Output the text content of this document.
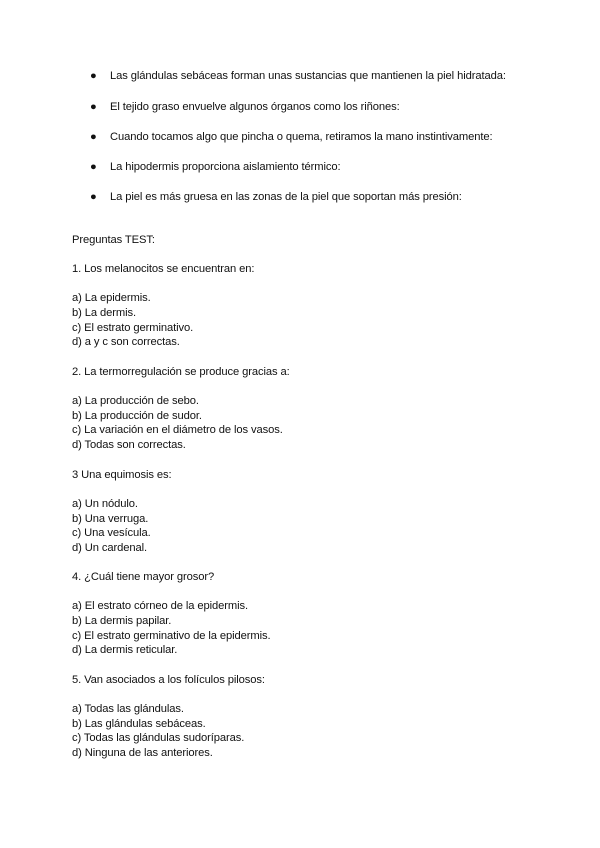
● Las glándulas sebáceas forman unas sustancias que mantienen la piel hidratada:
● El tejido graso envuelve algunos órganos como los riñones:
● Cuando tocamos algo que pincha o quema, retiramos la mano instintivamente:
● La hipodermis proporciona aislamiento térmico:
● La piel es más gruesa en las zonas de la piel que soportan más presión:
Preguntas TEST:
1. Los melanocitos se encuentran en:
a) La epidermis.
b) La dermis.
c) El estrato germinativo.
d) a y c son correctas.
2. La termorregulación se produce gracias a:
a) La producción de sebo.
b) La producción de sudor.
c) La variación en el diámetro de los vasos.
d) Todas son correctas.
3 Una equimosis es:
a) Un nódulo.
b) Una verruga.
c) Una vesícula.
d) Un cardenal.
4. ¿Cuál tiene mayor grosor?
a) El estrato córneo de la epidermis.
b) La dermis papilar.
c) El estrato germinativo de la epidermis.
d) La dermis reticular.
5. Van asociados a los folículos pilosos:
a) Todas las glándulas.
b) Las glándulas sebáceas.
c) Todas las glándulas sudoríparas.
d) Ninguna de las anteriores.
